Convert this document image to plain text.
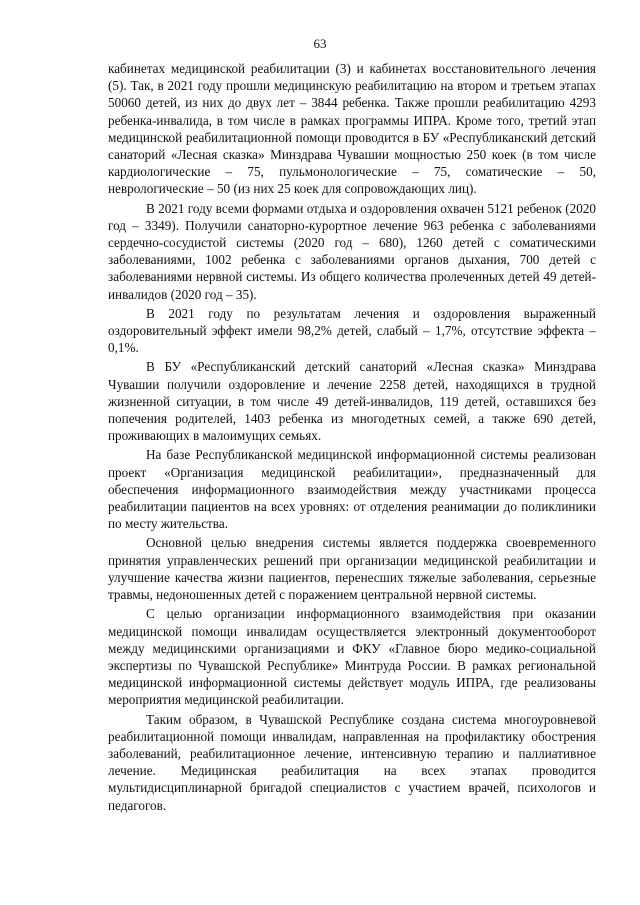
63

кабинетах медицинской реабилитации (3) и кабинетах восстановительного лечения (5). Так, в 2021 году прошли медицинскую реабилитацию на втором и третьем этапах 50060 детей, из них до двух лет – 3844 ребенка. Также прошли реабилитацию 4293 ребенка-инвалида, в том числе в рамках программы ИПРА. Кроме того, третий этап медицинской реабилитационной помощи проводится в БУ «Республиканский детский санаторий «Лесная сказка» Минздрава Чувашии мощностью 250 коек (в том числе кардиологические – 75, пульмонологические – 75, соматические – 50, неврологические – 50 (из них 25 коек для сопровождающих лиц).

В 2021 году всеми формами отдыха и оздоровления охвачен 5121 ребенок (2020 год – 3349). Получили санаторно-курортное лечение 963 ребенка с заболеваниями сердечно-сосудистой системы (2020 год – 680), 1260 детей с соматическими заболеваниями, 1002 ребенка с заболеваниями органов дыхания, 700 детей с заболеваниями нервной системы. Из общего количества пролеченных детей 49 детей-инвалидов (2020 год – 35).

В 2021 году по результатам лечения и оздоровления выраженный оздоровительный эффект имели 98,2% детей, слабый – 1,7%, отсутствие эффекта – 0,1%.

В БУ «Республиканский детский санаторий «Лесная сказка» Минздрава Чувашии получили оздоровление и лечение 2258 детей, находящихся в трудной жизненной ситуации, в том числе 49 детей-инвалидов, 119 детей, оставшихся без попечения родителей, 1403 ребенка из многодетных семей, а также 690 детей, проживающих в малоимущих семьях.

На базе Республиканской медицинской информационной системы реализован проект «Организация медицинской реабилитации», предназначенный для обеспечения информационного взаимодействия между участниками процесса реабилитации пациентов на всех уровнях: от отделения реанимации до поликлиники по месту жительства.

Основной целью внедрения системы является поддержка своевременного принятия управленческих решений при организации медицинской реабилитации и улучшение качества жизни пациентов, перенесших тяжелые заболевания, серьезные травмы, недоношенных детей с поражением центральной нервной системы.

С целью организации информационного взаимодействия при оказании медицинской помощи инвалидам осуществляется электронный документооборот между медицинскими организациями и ФКУ «Главное бюро медико-социальной экспертизы по Чувашской Республике» Минтруда России. В рамках региональной медицинской информационной системы действует модуль ИПРА, где реализованы мероприятия медицинской реабилитации.

Таким образом, в Чувашской Республике создана система многоуровневой реабилитационной помощи инвалидам, направленная на профилактику обострения заболеваний, реабилитационное лечение, интенсивную терапию и паллиативное лечение. Медицинская реабилитация на всех этапах проводится мультидисциплинарной бригадой специалистов с участием врачей, психологов и педагогов.
